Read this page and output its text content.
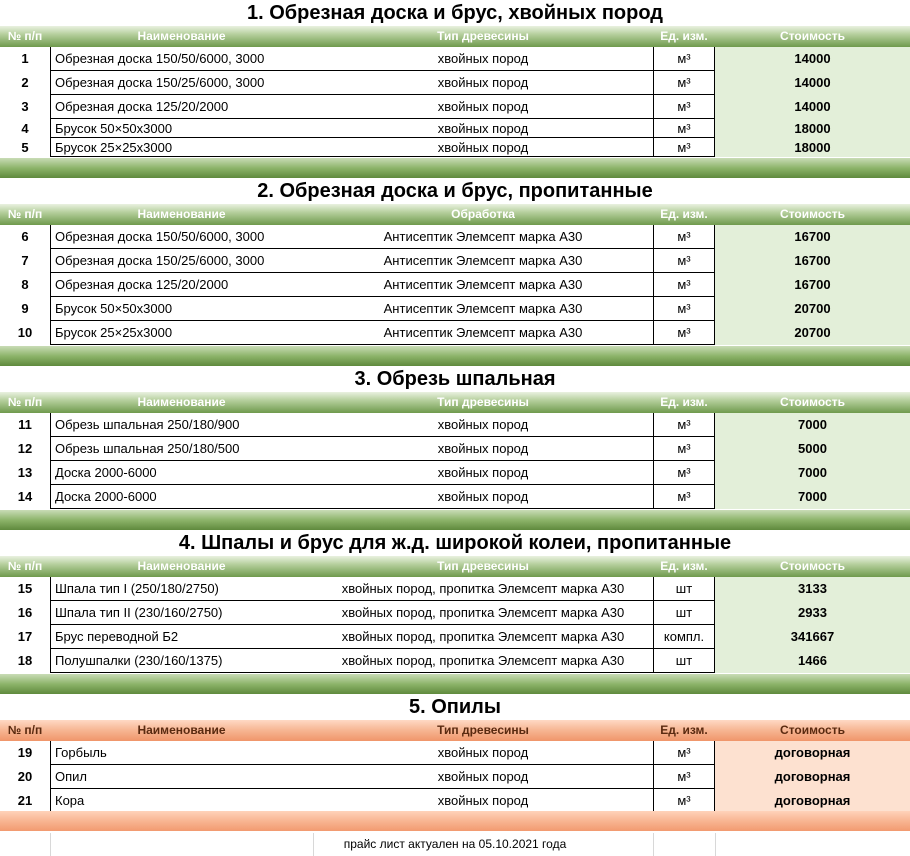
1. Обрезная доска и брус, хвойных пород
№ п/п	Наименование	Тип древесины	Ед. изм.	Стоимость
1	Обрезная доска 150/50/6000, 3000	хвойных пород	м³	14000
2	Обрезная доска 150/25/6000, 3000	хвойных пород	м³	14000
3	Обрезная доска 125/20/2000	хвойных пород	м³	14000
4	Брусок 50×50х3000	хвойных пород	м³	18000
5	Брусок 25×25х3000	хвойных пород	м³	18000
2. Обрезная доска и брус, пропитанные
№ п/п	Наименование	Обработка	Ед. изм.	Стоимость
6	Обрезная доска 150/50/6000, 3000	Антисептик Элемсепт марка А30	м³	16700
7	Обрезная доска 150/25/6000, 3000	Антисептик Элемсепт марка А30	м³	16700
8	Обрезная доска 125/20/2000	Антисептик Элемсепт марка А30	м³	16700
9	Брусок 50×50х3000	Антисептик Элемсепт марка А30	м³	20700
10	Брусок 25×25х3000	Антисептик Элемсепт марка А30	м³	20700
3. Обрезь шпальная
№ п/п	Наименование	Тип древесины	Ед. изм.	Стоимость
11	Обрезь шпальная 250/180/900	хвойных пород	м³	7000
12	Обрезь шпальная 250/180/500	хвойных пород	м³	5000
13	Доска 2000-6000	хвойных пород	м³	7000
14	Доска 2000-6000	хвойных пород	м³	7000
4. Шпалы и брус для ж.д. широкой колеи, пропитанные
№ п/п	Наименование	Тип древесины	Ед. изм.	Стоимость
15	Шпала тип I (250/180/2750)	хвойных пород, пропитка Элемсепт марка А30	шт	3133
16	Шпала тип II (230/160/2750)	хвойных пород, пропитка Элемсепт марка А30	шт	2933
17	Брус переводной Б2	хвойных пород, пропитка Элемсепт марка А30	компл.	341667
18	Полушпалки (230/160/1375)	хвойных пород, пропитка Элемсепт марка А30	шт	1466
5. Опилы
№ п/п	Наименование	Тип древесины	Ед. изм.	Стоимость
19	Горбыль	хвойных пород	м³	договорная
20	Опил	хвойных пород	м³	договорная
21	Кора	хвойных пород	м³	договорная
прайс лист актуален на 05.10.2021 года
